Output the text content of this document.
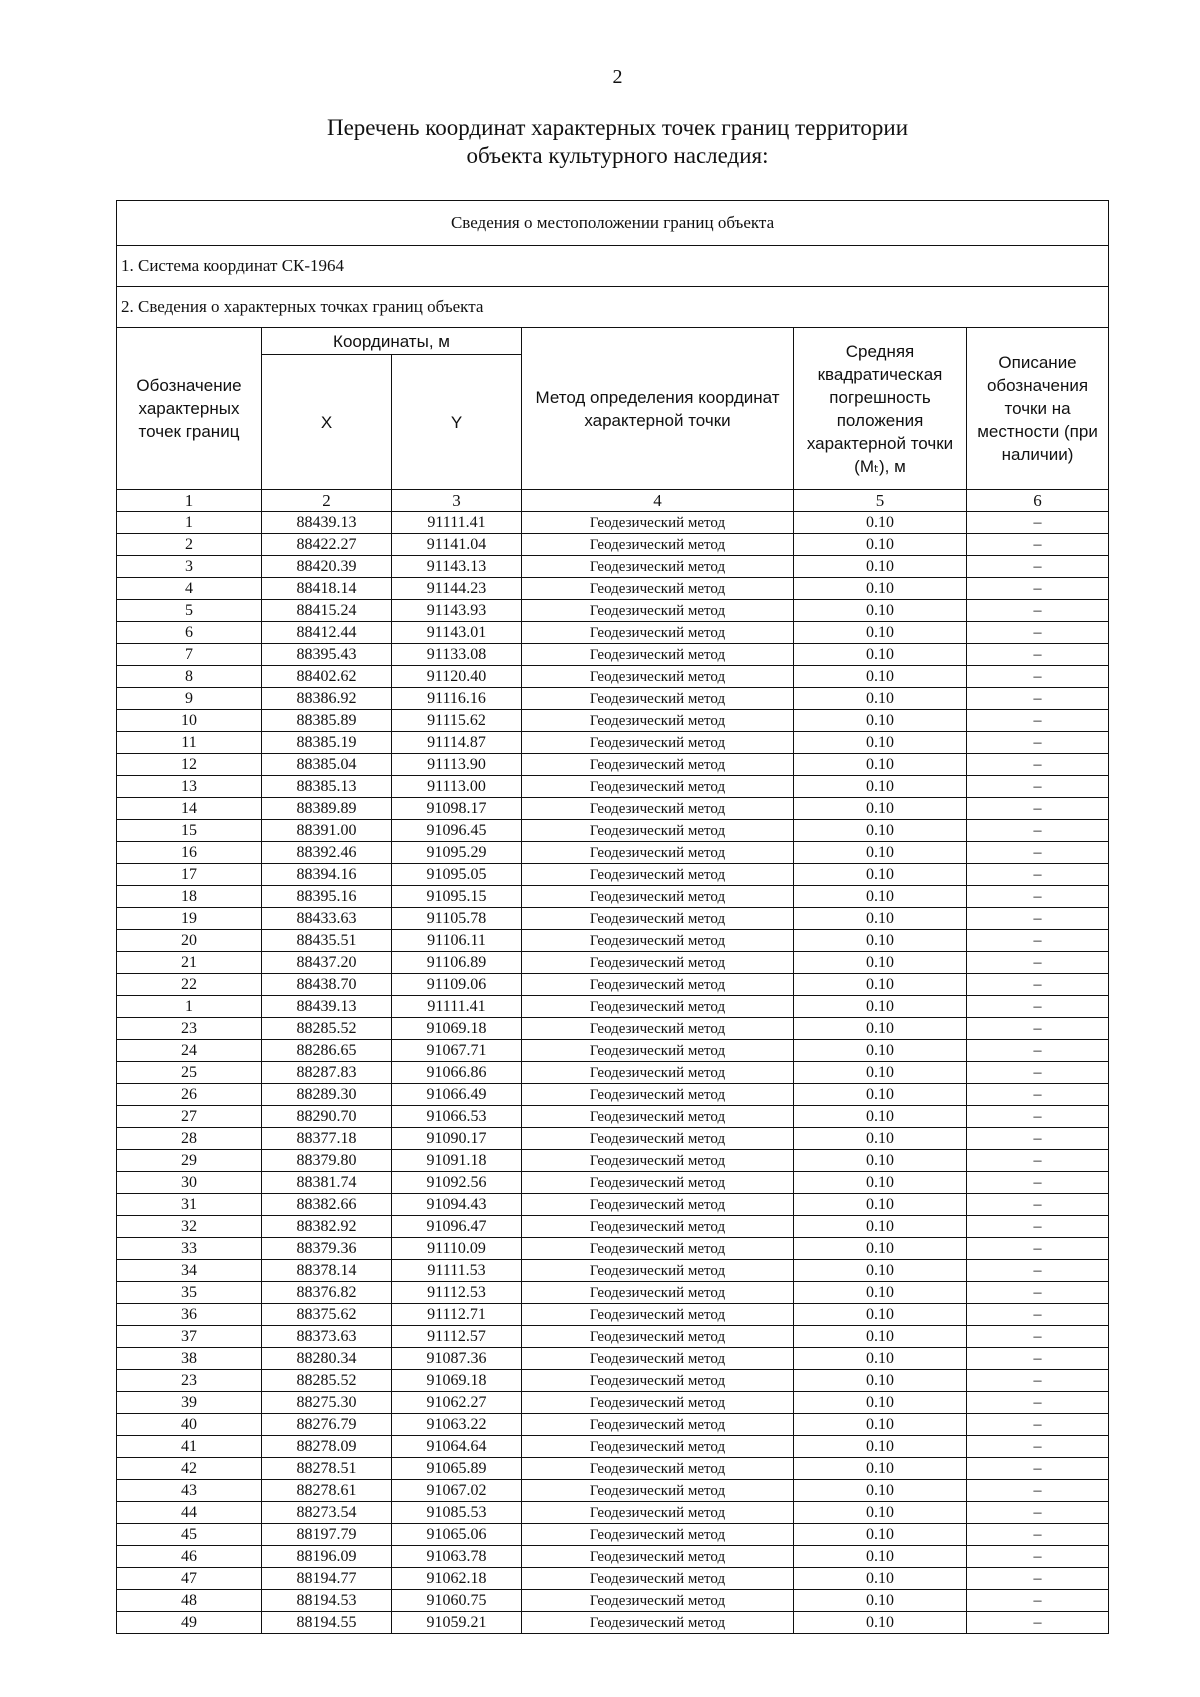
2
Перечень координат характерных точек границ территории
объекта культурного наследия:
Сведения о местоположении границ объекта					
1. Система координат СК-1964					
2. Сведения о характерных точках границ объекта					
Обозначение характерных точек границ	Координаты, м		Метод определения координат характерной точки	Средняя квадратическая погрешность положения характерной точки (Mₜ), м	Описание обозначения точки на местности (при наличии)
	X	Y			
1	2	3	4	5	6
1	88439.13	91111.41	Геодезический метод	0.10	–
2	88422.27	91141.04	Геодезический метод	0.10	–
3	88420.39	91143.13	Геодезический метод	0.10	–
4	88418.14	91144.23	Геодезический метод	0.10	–
5	88415.24	91143.93	Геодезический метод	0.10	–
6	88412.44	91143.01	Геодезический метод	0.10	–
7	88395.43	91133.08	Геодезический метод	0.10	–
8	88402.62	91120.40	Геодезический метод	0.10	–
9	88386.92	91116.16	Геодезический метод	0.10	–
10	88385.89	91115.62	Геодезический метод	0.10	–
11	88385.19	91114.87	Геодезический метод	0.10	–
12	88385.04	91113.90	Геодезический метод	0.10	–
13	88385.13	91113.00	Геодезический метод	0.10	–
14	88389.89	91098.17	Геодезический метод	0.10	–
15	88391.00	91096.45	Геодезический метод	0.10	–
16	88392.46	91095.29	Геодезический метод	0.10	–
17	88394.16	91095.05	Геодезический метод	0.10	–
18	88395.16	91095.15	Геодезический метод	0.10	–
19	88433.63	91105.78	Геодезический метод	0.10	–
20	88435.51	91106.11	Геодезический метод	0.10	–
21	88437.20	91106.89	Геодезический метод	0.10	–
22	88438.70	91109.06	Геодезический метод	0.10	–
1	88439.13	91111.41	Геодезический метод	0.10	–
23	88285.52	91069.18	Геодезический метод	0.10	–
24	88286.65	91067.71	Геодезический метод	0.10	–
25	88287.83	91066.86	Геодезический метод	0.10	–
26	88289.30	91066.49	Геодезический метод	0.10	–
27	88290.70	91066.53	Геодезический метод	0.10	–
28	88377.18	91090.17	Геодезический метод	0.10	–
29	88379.80	91091.18	Геодезический метод	0.10	–
30	88381.74	91092.56	Геодезический метод	0.10	–
31	88382.66	91094.43	Геодезический метод	0.10	–
32	88382.92	91096.47	Геодезический метод	0.10	–
33	88379.36	91110.09	Геодезический метод	0.10	–
34	88378.14	91111.53	Геодезический метод	0.10	–
35	88376.82	91112.53	Геодезический метод	0.10	–
36	88375.62	91112.71	Геодезический метод	0.10	–
37	88373.63	91112.57	Геодезический метод	0.10	–
38	88280.34	91087.36	Геодезический метод	0.10	–
23	88285.52	91069.18	Геодезический метод	0.10	–
39	88275.30	91062.27	Геодезический метод	0.10	–
40	88276.79	91063.22	Геодезический метод	0.10	–
41	88278.09	91064.64	Геодезический метод	0.10	–
42	88278.51	91065.89	Геодезический метод	0.10	–
43	88278.61	91067.02	Геодезический метод	0.10	–
44	88273.54	91085.53	Геодезический метод	0.10	–
45	88197.79	91065.06	Геодезический метод	0.10	–
46	88196.09	91063.78	Геодезический метод	0.10	–
47	88194.77	91062.18	Геодезический метод	0.10	–
48	88194.53	91060.75	Геодезический метод	0.10	–
49	88194.55	91059.21	Геодезический метод	0.10	–
